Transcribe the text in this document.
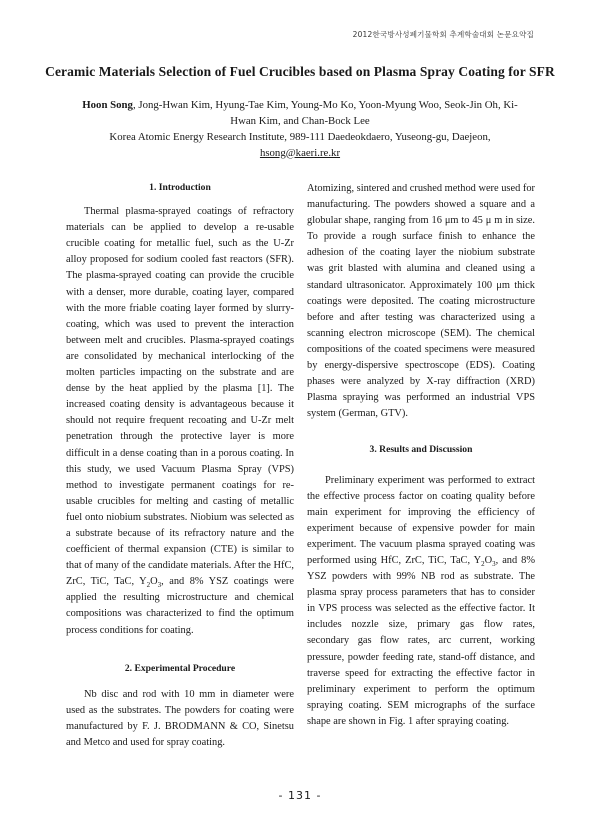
2012한국방사성폐기물학회 추계학술대회 논문요약집
Ceramic Materials Selection of Fuel Crucibles based on Plasma Spray Coating for SFR
Hoon Song, Jong-Hwan Kim, Hyung-Tae Kim, Young-Mo Ko, Yoon-Myung Woo, Seok-Jin Oh, Ki-Hwan Kim, and Chan-Bock Lee
Korea Atomic Energy Research Institute, 989-111 Daedeokdaero, Yuseong-gu, Daejeon,
hsong@kaeri.re.kr

1. Introduction

Thermal plasma-sprayed coatings of refractory materials can be applied to develop a re-usable crucible coating for metallic fuel, such as the U-Zr alloy proposed for sodium cooled fast reactors (SFR). The plasma-sprayed coating can provide the crucible with a denser, more durable, coating layer, compared with the more friable coating layer formed by slurry-coating, which was used to prevent the interaction between melt and crucibles. Plasma-sprayed coatings are consolidated by mechanical interlocking of the molten particles impacting on the substrate and are dense by the heat applied by the plasma [1]. The increased coating density is advantageous because it should not require frequent recoating and U-Zr melt penetration through the protective layer is more difficult in a dense coating than in a porous coating. In this study, we used Vacuum Plasma Spray (VPS) method to investigate permanent coatings for re-usable crucibles for melting and casting of metallic fuel onto niobium substrates. Niobium was selected as a substrate because of its refractory nature and the coefficient of thermal expansion (CTE) is similar to that of many of the candidate materials. After the HfC, ZrC, TiC, TaC, $Y_2O_3$, and 8% YSZ coatings were applied the resulting microstructure and chemical compositions was characterized to find the optimum process conditions for coating.

2. Experimental Procedure

Nb disc and rod with 10 mm in diameter were used as the substrates. The powders for coating were manufactured by F. J. BRODMANN & CO, Sinetsu and Metco and used for spray coating.

Atomizing, sintered and crushed method were used for manufacturing. The powders showed a square and a globular shape, ranging from 16 μm to 45 μ m in size. To provide a rough surface finish to enhance the adhesion of the coating layer the niobium substrate was grit blasted with alumina and cleaned using a standard ultrasonicator. Approximately 100 μm thick coatings were deposited. The coating microstructure before and after testing was characterized using a scanning electron microscope (SEM). The chemical compositions of the coated specimens were measured by energy-dispersive spectroscope (EDS). Coating phases were analyzed by X-ray diffraction (XRD) Plasma spraying was performed an industrial VPS system (German, GTV).

3. Results and Discussion

Preliminary experiment was performed to extract the effective process factor on coating quality before main experiment for improving the efficiency of experiment because of expensive powder for main experiment. The vacuum plasma sprayed coating was performed using HfC, ZrC, TiC, TaC, $Y_2O_3$, and 8% YSZ powders with 99% NB rod as substrate. The plasma spray process parameters that has to consider in VPS process was selected as the effective factor. It includes nozzle size, primary gas flow rates, secondary gas flow rates, arc current, working pressure, powder feeding rate, stand-off distance, and traverse speed for extracting the effective factor in preliminary experiment to perform the optimum spraying coating. SEM micrographs of the surface shape are shown in Fig. 1 after spraying coating.

- 131 -
